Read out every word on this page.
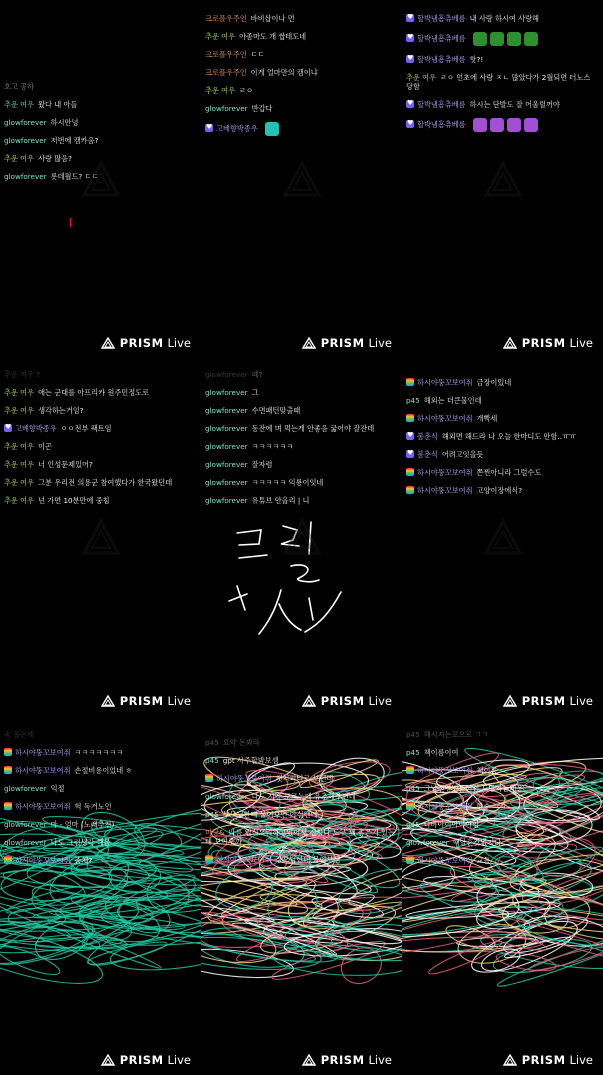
호고 공하
추운 여우 왔다 내 아들
glowforever 하시안녕
glowforever 저번에 캠카옴?
추운 여우 사랑 많음?
glowforever 롯데월드? ㄷㄷ
PRISM Live
크로플우주인 바비삽이나 먼
추운 여우 아좀마도 개 쌉테도네
크로플우주인 ㄷㄷ
크로플우주인 이게 얼마만의 캠이냐
추운 여우 ㄹㅇ
glowforever 반갑다
♥고베향박종우
PRISM Live
♥할박냄흠츄베름 내 사랑 하시여 사랑해
♥할박냄흠츄베름
♥할박냄흠츄베름 핫?!
추운 여우 ㄹㅇ 언초에 사랑 ㅈㄴ 많았다가 2월되면 터노스 당함
♥할박냄흠츄베름 하시는 단발도 잘 어울릴꺼야
♥할박냄흠츄베름
PRISM Live
추운 여우 ?
추운 여우 애는 군대를 아프리카 원주민정도로
추운 여우 생각하는거임?
♥고베향박종우 ㅇㅇ전부 팩트임
추운 여우 이곤
추운 여우 너 인성문제있어?
추운 여우 그분 우리전 의용군 참여했다가 한국왔던데
추운 여우 넌 가면 10분만에 중침
PRISM Live
glowforever 떼?
glowforever 그
glowforever 수면패턴맞출때
glowforever 동잔에 며 먹는게 안좋음 굶어야 잘잔데
glowforever ㅋㅋㅋㅋㅋㅋ
glowforever 잘자렴
glowforever ㅋㅋㅋㅋㅋ 익룡이잇네
glowforever 유튜브 안올리 | 니
PRISM Live
하시야뚱꼬보여줘 금장이있네
p45 해외는 더큰물인데
하시야뚱꼬보여줘 개빡세
♥봄춘식 해외면 해드라 나 오늘 한마디도 안함..ㅠㅠ
♥봄춘식 어려고잇을듯
하시야뚱꼬보여줘 쫀찐아니라 그럴수도
하시야뚱꼬보여줘 고양이장에식?
PRISM Live
속 볼는제
하시야뚱꼬보여줘 ㅋㅋㅋㅋㅋㅋㅋ
하시야뚱꼬보여줘 손절비용이었네 ㅎ
glowforever 익절
하시야뚱꼬보여줘 헉 독거노인
glowforever 마 - 엄마 (노래추천)
glowforever 나도 그런생각 해봄
하시야뚱꼬보여줘 좀체?
PRISM Live
p45 요약 돈봐라
p45 gpt 사주할봐보셈
하시야뚱꼬보여줘 챗지피티로 보던데
glowforever 나도 시간 모르는데 유추해주던데
p45 부모님한테 물어보면 아실텐데
미당& 나름 일식요리하고있어서 접시나 도구 꽤 좋은거 있는데 보여주까
하시야뚱꼬보여줘 장모님한테 물어보셈
PRISM Live
p45 해시지는꼬으로 ㄱㄱ
p45 책이름이여
하시야뚱꼬보여줘 책이름
p45 그냥전영범들어서 도망가는내용
하시야뚱꼬보여줘 향수 ㄱㄱ
p45 나바아이아이아앙
glowforever 핵날흔갓없지나
하시야뚱꼬보여줘 교톨
PRISM Live
